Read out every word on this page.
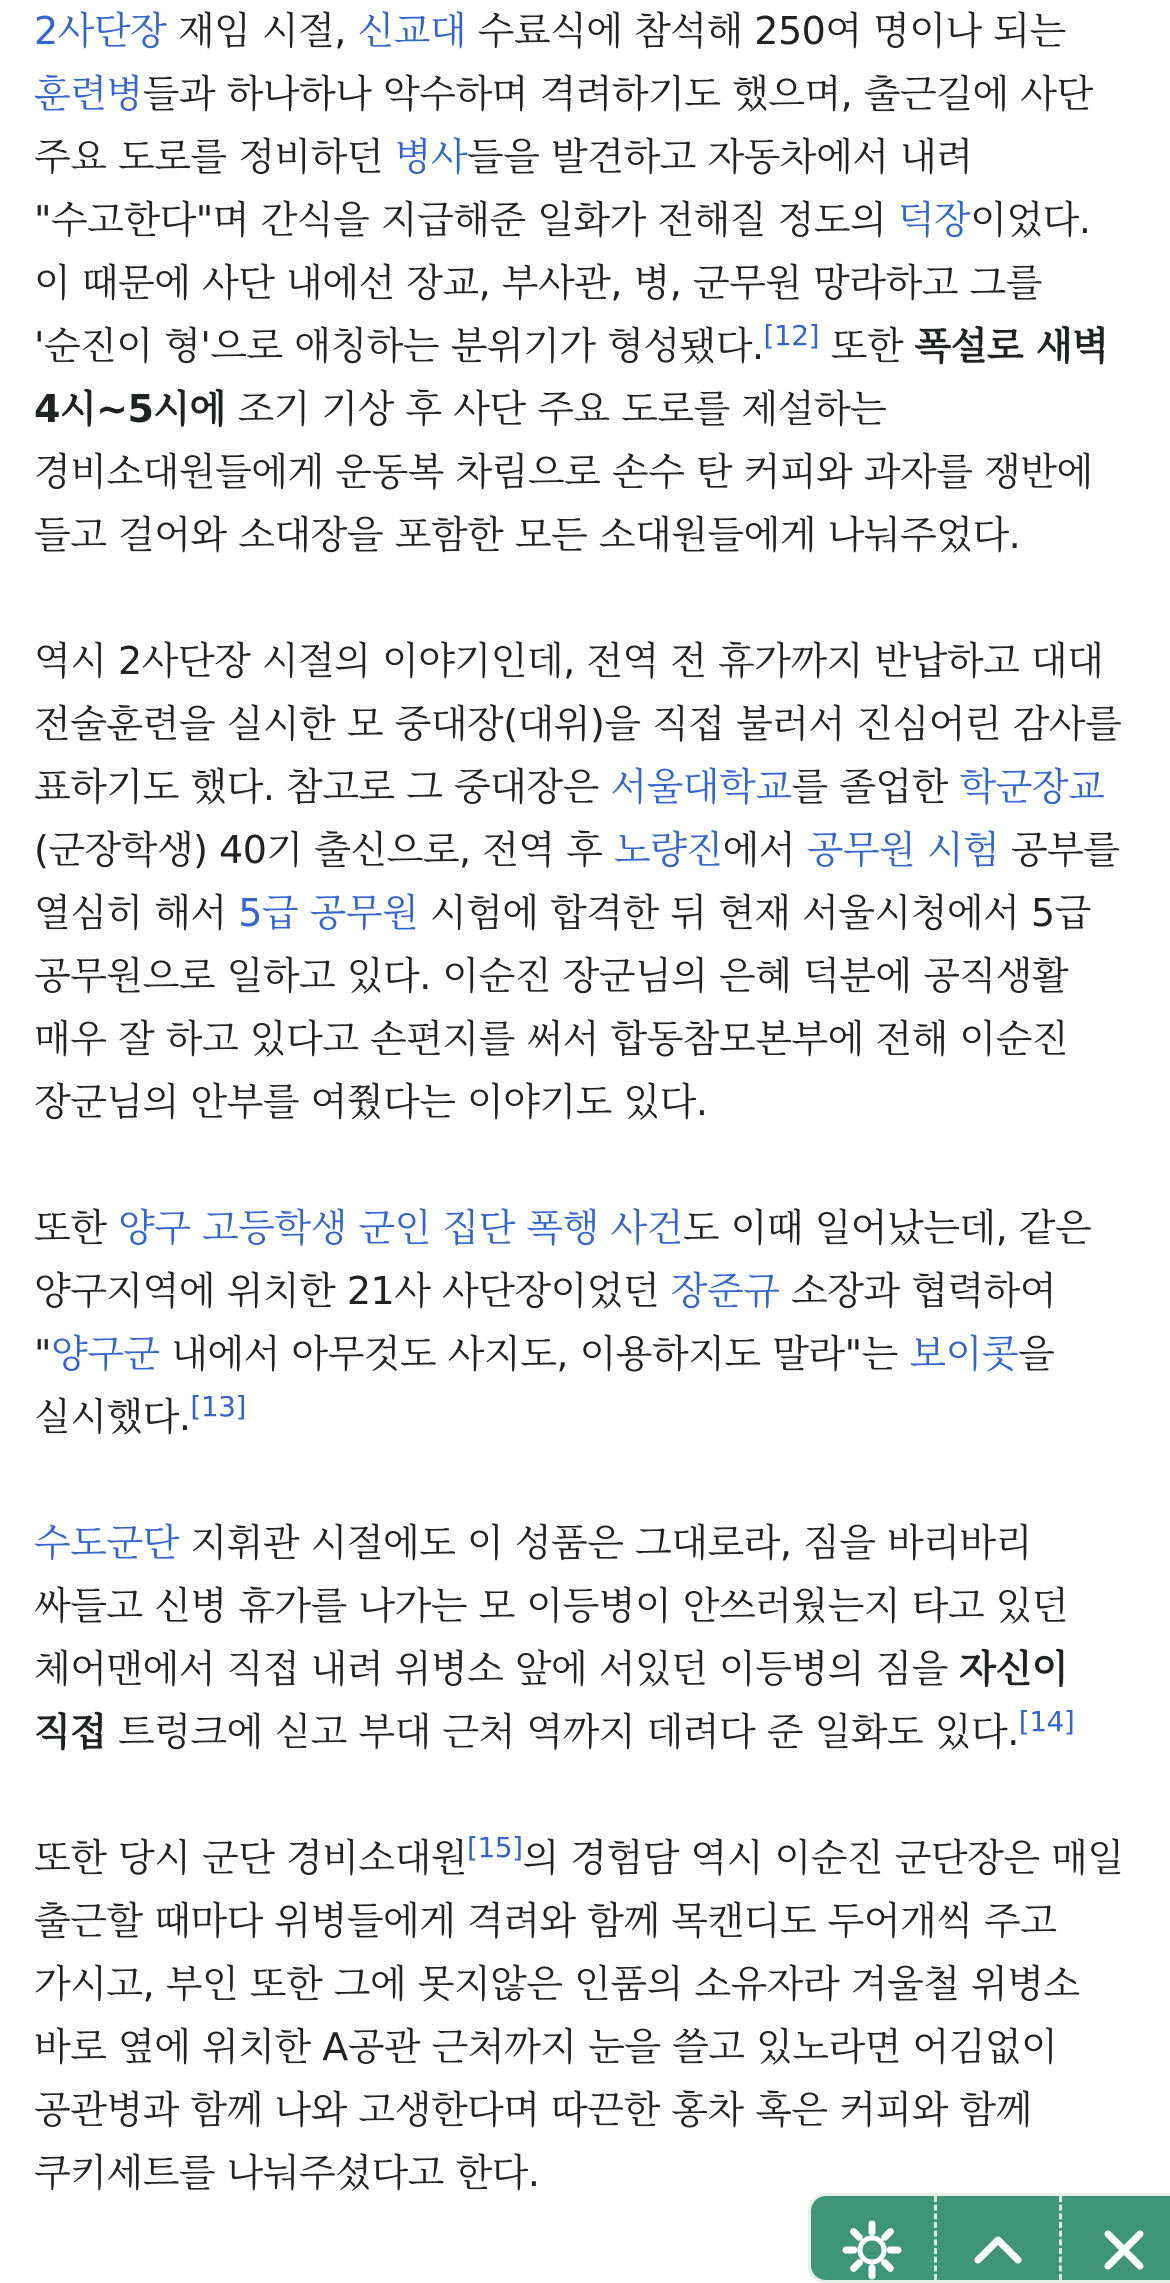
2사단장 재임 시절, 신교대 수료식에 참석해 250여 명이나 되는 훈련병들과 하나하나 악수하며 격려하기도 했으며, 출근길에 사단 주요 도로를 정비하던 병사들을 발견하고 자동차에서 내려 "수고한다"며 간식을 지급해준 일화가 전해질 정도의 덕장이었다. 이 때문에 사단 내에선 장교, 부사관, 병, 군무원 망라하고 그를 '순진이 형'으로 애칭하는 분위기가 형성됐다.[12] 또한 폭설로 새벽 4시~5시에 조기 기상 후 사단 주요 도로를 제설하는 경비소대원들에게 운동복 차림으로 손수 탄 커피와 과자를 쟁반에 들고 걸어와 소대장을 포함한 모든 소대원들에게 나눠주었다.

역시 2사단장 시절의 이야기인데, 전역 전 휴가까지 반납하고 대대 전술훈련을 실시한 모 중대장(대위)을 직접 불러서 진심어린 감사를 표하기도 했다. 참고로 그 중대장은 서울대학교를 졸업한 학군장교(군장학생) 40기 출신으로, 전역 후 노량진에서 공무원 시험 공부를 열심히 해서 5급 공무원 시험에 합격한 뒤 현재 서울시청에서 5급 공무원으로 일하고 있다. 이순진 장군님의 은혜 덕분에 공직생활 매우 잘 하고 있다고 손편지를 써서 합동참모본부에 전해 이순진 장군님의 안부를 여쭸다는 이야기도 있다.

또한 양구 고등학생 군인 집단 폭행 사건도 이때 일어났는데, 같은 양구지역에 위치한 21사 사단장이었던 장준규 소장과 협력하여 "양구군 내에서 아무것도 사지도, 이용하지도 말라"는 보이콧을 실시했다.[13]

수도군단 지휘관 시절에도 이 성품은 그대로라, 짐을 바리바리 싸들고 신병 휴가를 나가는 모 이등병이 안쓰러웠는지 타고 있던 체어맨에서 직접 내려 위병소 앞에 서있던 이등병의 짐을 자신이 직접 트렁크에 싣고 부대 근처 역까지 데려다 준 일화도 있다.[14]

또한 당시 군단 경비소대원[15]의 경험담 역시 이순진 군단장은 매일 출근할 때마다 위병들에게 격려와 함께 목캔디도 두어개씩 주고 가시고, 부인 또한 그에 못지않은 인품의 소유자라 겨울철 위병소 바로 옆에 위치한 A공관 근처까지 눈을 쓸고 있노라면 어김없이 공관병과 함께 나와 고생한다며 따끈한 홍차 혹은 커피와 함께 쿠키세트를 나눠주셨다고 한다.
